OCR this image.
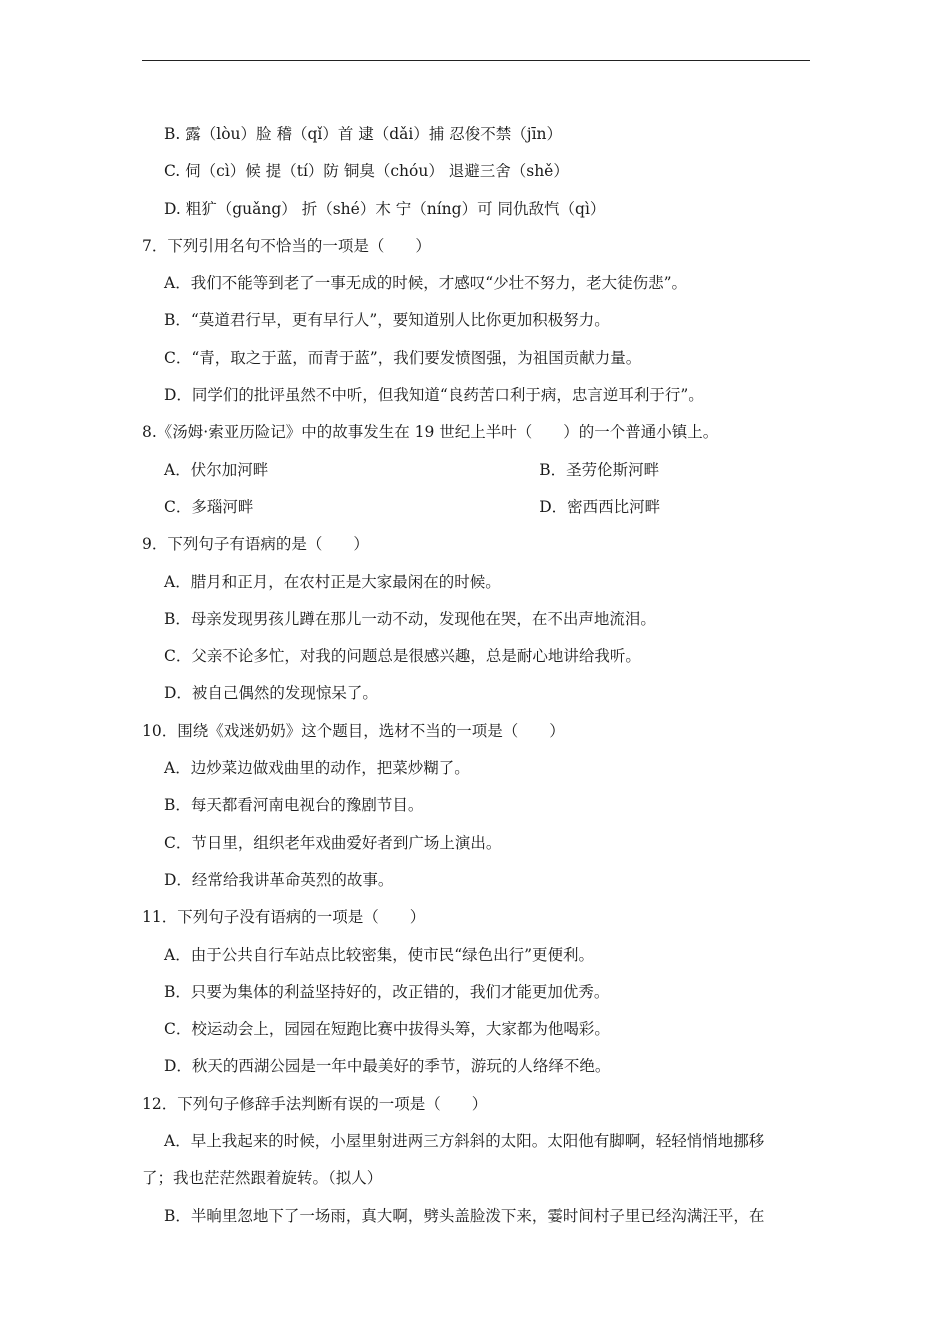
B. 露（lòu）脸 稽（qǐ）首 逮（dǎi）捕 忍俊不禁（jīn）
C. 伺（cì）候 提（tí）防 铜臭（chóu） 退避三舍（shě）
D. 粗犷（guǎng） 折（shé）木 宁（níng）可 同仇敌忾（qì）
7．下列引用名句不恰当的一项是（　　）
A．我们不能等到老了一事无成的时候，才感叹“少壮不努力，老大徒伤悲”。
B．“莫道君行早，更有早行人”，要知道别人比你更加积极努力。
C．“青，取之于蓝，而青于蓝”，我们要发愤图强，为祖国贡献力量。
D．同学们的批评虽然不中听，但我知道“良药苦口利于病，忠言逆耳利于行”。
8.《汤姆·索亚历险记》中的故事发生在 19 世纪上半叶（　　）的一个普通小镇上。
A．伏尔加河畔	B．圣劳伦斯河畔
C．多瑙河畔	D．密西西比河畔
9．下列句子有语病的是（　　）
A．腊月和正月，在农村正是大家最闲在的时候。
B．母亲发现男孩儿蹲在那儿一动不动，发现他在哭，在不出声地流泪。
C．父亲不论多忙，对我的问题总是很感兴趣，总是耐心地讲给我听。
D．被自己偶然的发现惊呆了。
10．围绕《戏迷奶奶》这个题目，选材不当的一项是（　　）
A．边炒菜边做戏曲里的动作，把菜炒糊了。
B．每天都看河南电视台的豫剧节目。
C．节日里，组织老年戏曲爱好者到广场上演出。
D．经常给我讲革命英烈的故事。
11．下列句子没有语病的一项是（　　）
A．由于公共自行车站点比较密集，使市民“绿色出行”更便利。
B．只要为集体的利益坚持好的，改正错的，我们才能更加优秀。
C．校运动会上，园园在短跑比赛中拔得头筹，大家都为他喝彩。
D．秋天的西湖公园是一年中最美好的季节，游玩的人络绎不绝。
12．下列句子修辞手法判断有误的一项是（　　）
A．早上我起来的时候，小屋里射进两三方斜斜的太阳。太阳他有脚啊，轻轻悄悄地挪移
了；我也茫茫然跟着旋转。（拟人）
B．半晌里忽地下了一场雨，真大啊，劈头盖脸泼下来，霎时间村子里已经沟满汪平，在
